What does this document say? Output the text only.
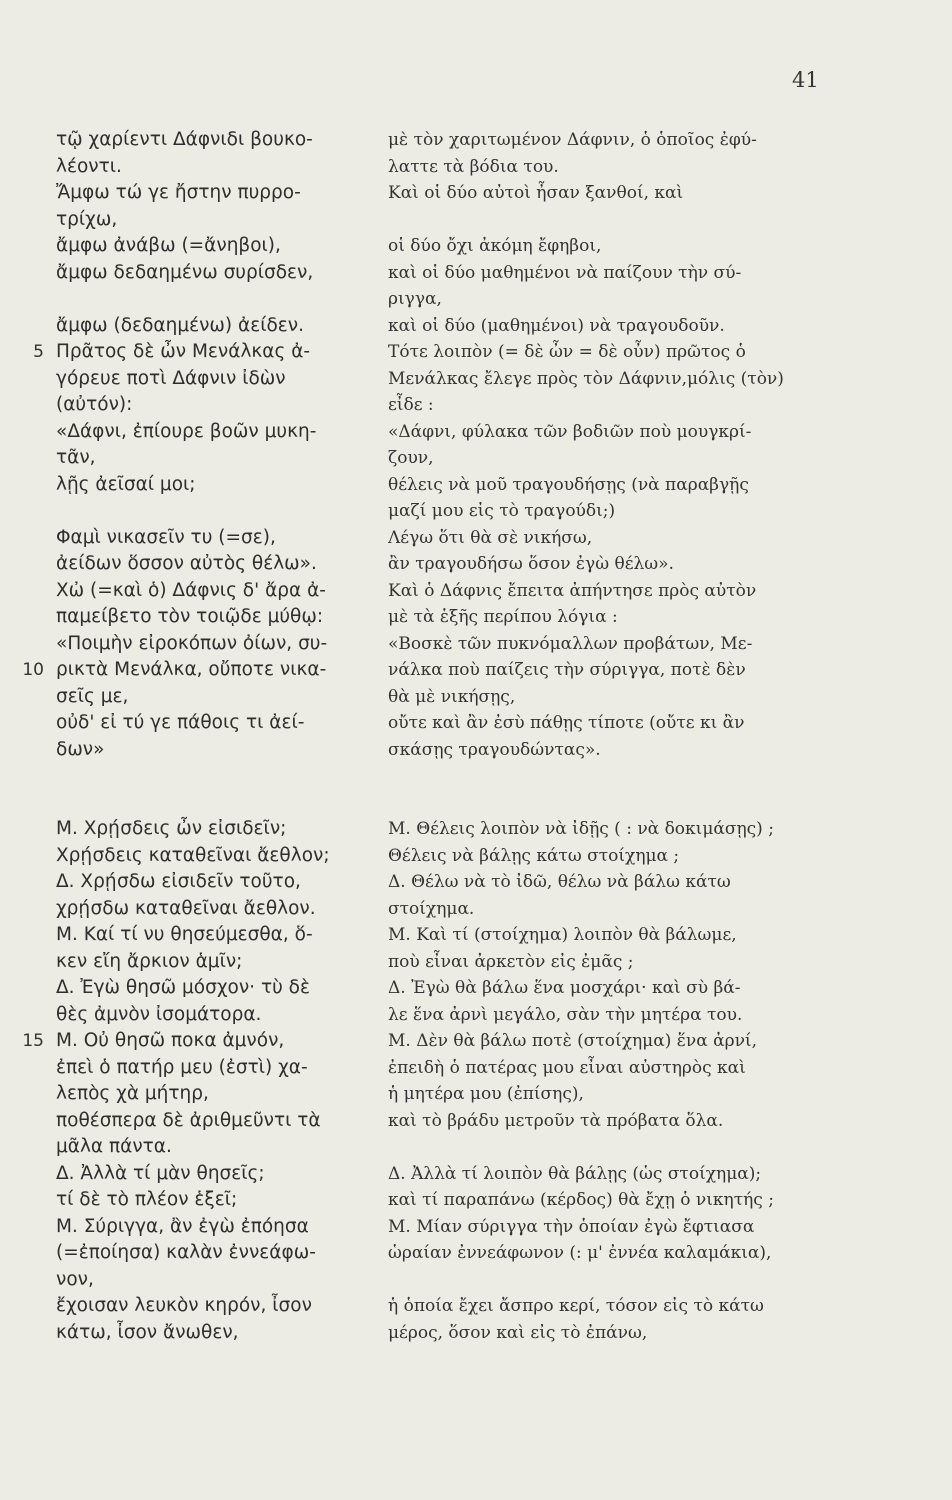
41
τῷ χαρίεντι Δάφνιδι βουκο-
λέοντι.
Ἄμφω τώ γε ἤστην πυρρο-
τρίχω,
ἄμφω ἀνάβω (=ἄνηβοι),
ἄμφω δεδαημένω συρίσδεν,
ἄμφω (δεδαημένω) ἀείδεν.
5 Πρᾶτος δὲ ὦν Μενάλκας ἀ-
γόρευε ποτὶ Δάφνιν ἰδὼν
(αὐτόν):
«Δάφνι, ἐπίουρε βοῶν μυκη-
τᾶν,
λῇς ἀεῖσαί μοι;
Φαμὶ νικασεῖν τυ (=σε),
ἀείδων ὅσσον αὐτὸς θέλω».
Χὠ (=καὶ ὁ) Δάφνις δ' ἄρα ἀ-
παμείβετο τὸν τοιῷδε μύθῳ:
«Ποιμὴν εἰροκόπων ὀίων, συ-
10 ρικτὰ Μενάλκα, οὔποτε νικα-
σεῖς με,
οὐδ' εἰ τύ γε πάθοις τι ἀεί-
δων»
Μ. Χρῄσδεις ὦν εἰσιδεῖν;
Χρῄσδεις καταθεῖναι ἄεθλον;
Δ. Χρῄσδω εἰσιδεῖν τοῦτο,
χρῄσδω καταθεῖναι ἄεθλον.
Μ. Καί τί νυ θησεύμεσθα, ὅ-
κεν εἴη ἄρκιον ἁμῖν;
Δ. Ἐγὼ θησῶ μόσχον· τὺ δὲ
θὲς ἀμνὸν ἰσομάτορα.
15 Μ. Οὐ θησῶ ποκα ἀμνόν,
ἐπεὶ ὁ πατήρ μευ (ἐστὶ) χα-
λεπὸς χὰ μήτηρ,
ποθέσπερα δὲ ἀριθμεῦντι τὰ
μᾶλα πάντα.
Δ. Ἀλλὰ τί μὰν θησεῖς;
τί δὲ τὸ πλέον ἑξεῖ;
Μ. Σύριγγα, ἂν ἐγὼ ἐπόησα
(=ἐποίησα) καλὰν ἐννεάφω-
νον,
ἔχοισαν λευκὸν κηρόν, ἶσον
κάτω, ἶσον ἄνωθεν,
μὲ τὸν χαριτωμένον Δάφνιν, ὁ ὁποῖος ἐφύ-
λαττε τὰ βόδια του.
Καὶ οἱ δύο αὐτοὶ ἦσαν ξανθοί, καὶ
οἱ δύο ὄχι ἀκόμη ἔφηβοι,
καὶ οἱ δύο μαθημένοι νὰ παίζουν τὴν σύ-
ριγγα,
καὶ οἱ δύο (μαθημένοι) νὰ τραγουδοῦν.
Τότε λοιπὸν (= δὲ ὦν = δὲ οὖν) πρῶτος ὁ
Μενάλκας ἔλεγε πρὸς τὸν Δάφνιν,μόλις (τὸν)
εἶδε :
«Δάφνι, φύλακα τῶν βοδιῶν ποὺ μουγκρί-
ζουν,
θέλεις νὰ μοῦ τραγουδήσῃς (νὰ παραβγῇς
μαζί μου εἰς τὸ τραγούδι;)
Λέγω ὅτι θὰ σὲ νικήσω,
ἂν τραγουδήσω ὅσον ἐγὼ θέλω».
Καὶ ὁ Δάφνις ἔπειτα ἀπήντησε πρὸς αὐτὸν
μὲ τὰ ἑξῆς περίπου λόγια :
«Βοσκὲ τῶν πυκνόμαλλων προβάτων, Με-
νάλκα ποὺ παίζεις τὴν σύριγγα, ποτὲ δὲν
θὰ μὲ νικήσῃς,
οὔτε καὶ ἂν ἐσὺ πάθῃς τίποτε (οὔτε κι ἂν
σκάσῃς τραγουδώντας».
Μ. Θέλεις λοιπὸν νὰ ἰδῇς ( : νὰ δοκιμάσῃς) ;
Θέλεις νὰ βάλῃς κάτω στοίχημα ;
Δ. Θέλω νὰ τὸ ἰδῶ, θέλω νὰ βάλω κάτω
στοίχημα.
Μ. Καὶ τί (στοίχημα) λοιπὸν θὰ βάλωμε,
ποὺ εἶναι ἀρκετὸν εἰς ἐμᾶς ;
Δ. Ἐγὼ θὰ βάλω ἕνα μοσχάρι· καὶ σὺ βά-
λε ἕνα ἀρνὶ μεγάλο, σὰν τὴν μητέρα του.
Μ. Δὲν θὰ βάλω ποτὲ (στοίχημα) ἕνα ἀρνί,
ἐπειδὴ ὁ πατέρας μου εἶναι αὐστηρὸς καὶ
ἡ μητέρα μου (ἐπίσης),
καὶ τὸ βράδυ μετροῦν τὰ πρόβατα ὅλα.
Δ. Ἀλλὰ τί λοιπὸν θὰ βάλῃς (ὡς στοίχημα);
καὶ τί παραπάνω (κέρδος) θὰ ἔχῃ ὁ νικητής ;
Μ. Μίαν σύριγγα τὴν ὁποίαν ἐγὼ ἔφτιασα
ὡραίαν ἐννεάφωνον (: μ' ἐννέα καλαμάκια),
ἡ ὁποία ἔχει ἄσπρο κερί, τόσον εἰς τὸ κάτω
μέρος, ὅσον καὶ εἰς τὸ ἐπάνω,
